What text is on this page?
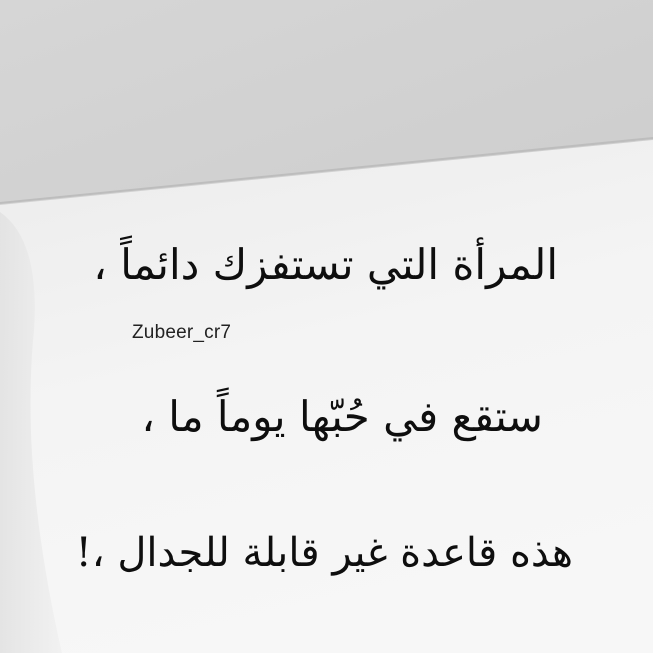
المرأة التي تستفزك دائماً ،
Zubeer_cr7
ستقع في حُبّها يوماً ما ،
هذه قاعدة غير قابلة للجدال ،!
